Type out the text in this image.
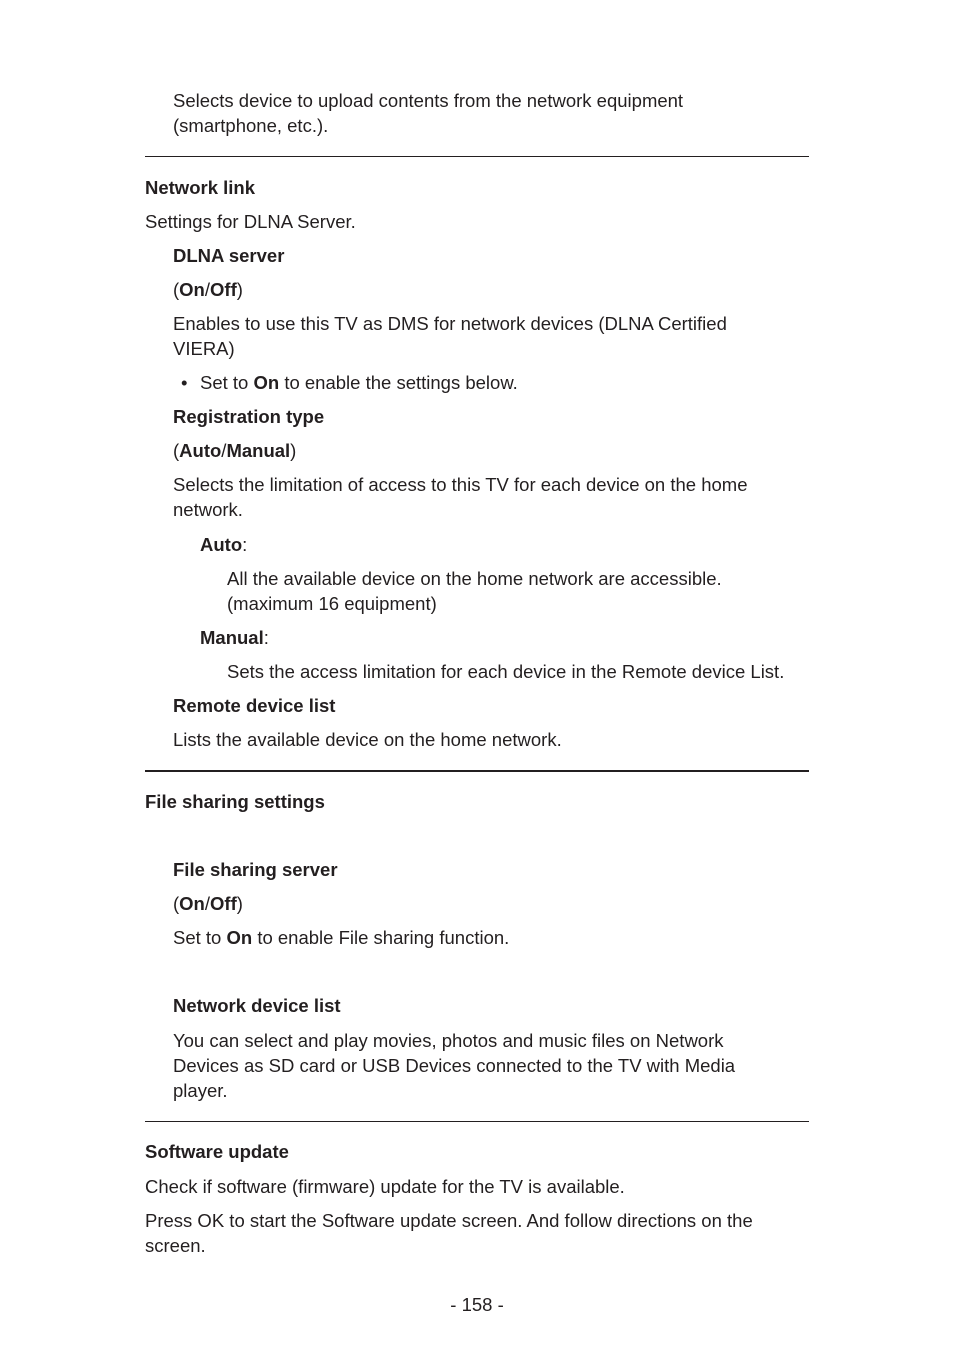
Selects device to upload contents from the network equipment
(smartphone, etc.).
Network link
Settings for DLNA Server.
DLNA server
(On/Off)
Enables to use this TV as DMS for network devices (DLNA Certified
VIERA)
• Set to On to enable the settings below.
Registration type
(Auto/Manual)
Selects the limitation of access to this TV for each device on the home
network.
Auto:
All the available device on the home network are accessible.
(maximum 16 equipment)
Manual:
Sets the access limitation for each device in the Remote device List.
Remote device list
Lists the available device on the home network.
File sharing settings
File sharing server
(On/Off)
Set to On to enable File sharing function.
Network device list
You can select and play movies, photos and music files on Network
Devices as SD card or USB Devices connected to the TV with Media
player.
Software update
Check if software (firmware) update for the TV is available.
Press OK to start the Software update screen. And follow directions on the
screen.
- 158 -
